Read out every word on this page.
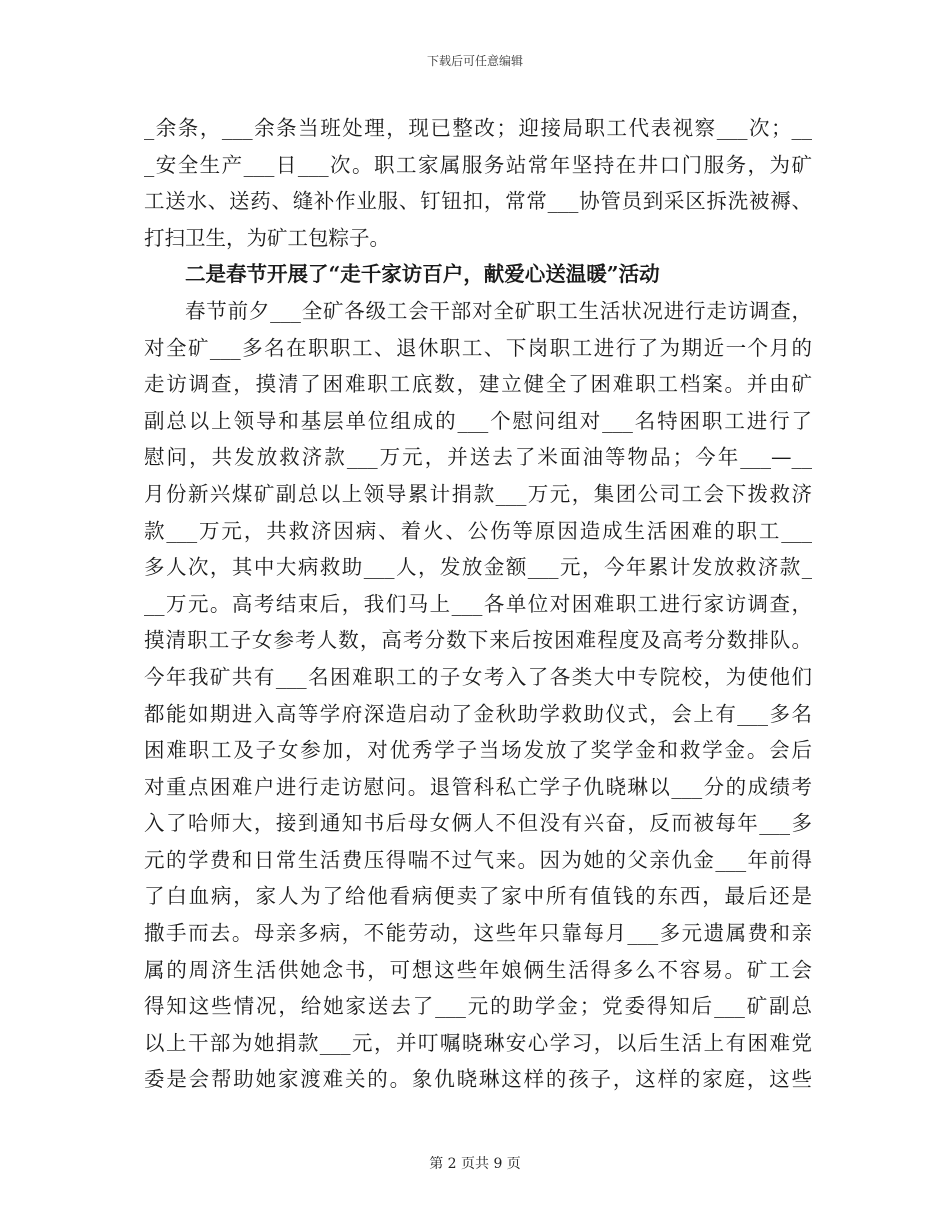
下载后可任意编辑
_余条，___余条当班处理，现已整改；迎接局职工代表视察___次；__
_安全生产___日___次。职工家属服务站常年坚持在井口门服务，为矿
工送水、送药、缝补作业服、钉钮扣，常常___协管员到采区拆洗被褥、
打扫卫生，为矿工包粽子。
二是春节开展了“走千家访百户，献爱心送温暖”活动
春节前夕___全矿各级工会干部对全矿职工生活状况进行走访调查，
对全矿___多名在职职工、退休职工、下岗职工进行了为期近一个月的
走访调查，摸清了困难职工底数，建立健全了困难职工档案。并由矿
副总以上领导和基层单位组成的___个慰问组对___名特困职工进行了
慰问，共发放救济款___万元，并送去了米面油等物品；今年___—__
月份新兴煤矿副总以上领导累计捐款___万元，集团公司工会下拨救济
款___万元，共救济因病、着火、公伤等原因造成生活困难的职工___
多人次，其中大病救助___人，发放金额___元，今年累计发放救济款_
__万元。高考结束后，我们马上___各单位对困难职工进行家访调查，
摸清职工子女参考人数，高考分数下来后按困难程度及高考分数排队。
今年我矿共有___名困难职工的子女考入了各类大中专院校，为使他们
都能如期进入高等学府深造启动了金秋助学救助仪式，会上有___多名
困难职工及子女参加，对优秀学子当场发放了奖学金和救学金。会后
对重点困难户进行走访慰问。退管科私亡学子仇晓琳以___分的成绩考
入了哈师大，接到通知书后母女俩人不但没有兴奋，反而被每年___多
元的学费和日常生活费压得喘不过气来。因为她的父亲仇金___年前得
了白血病，家人为了给他看病便卖了家中所有值钱的东西，最后还是
撒手而去。母亲多病，不能劳动，这些年只靠每月___多元遗属费和亲
属的周济生活供她念书，可想这些年娘俩生活得多么不容易。矿工会
得知这些情况，给她家送去了___元的助学金；党委得知后___矿副总
以上干部为她捐款___元，并叮嘱晓琳安心学习，以后生活上有困难党
委是会帮助她家渡难关的。象仇晓琳这样的孩子，这样的家庭，这些
第 2 页共 9 页
